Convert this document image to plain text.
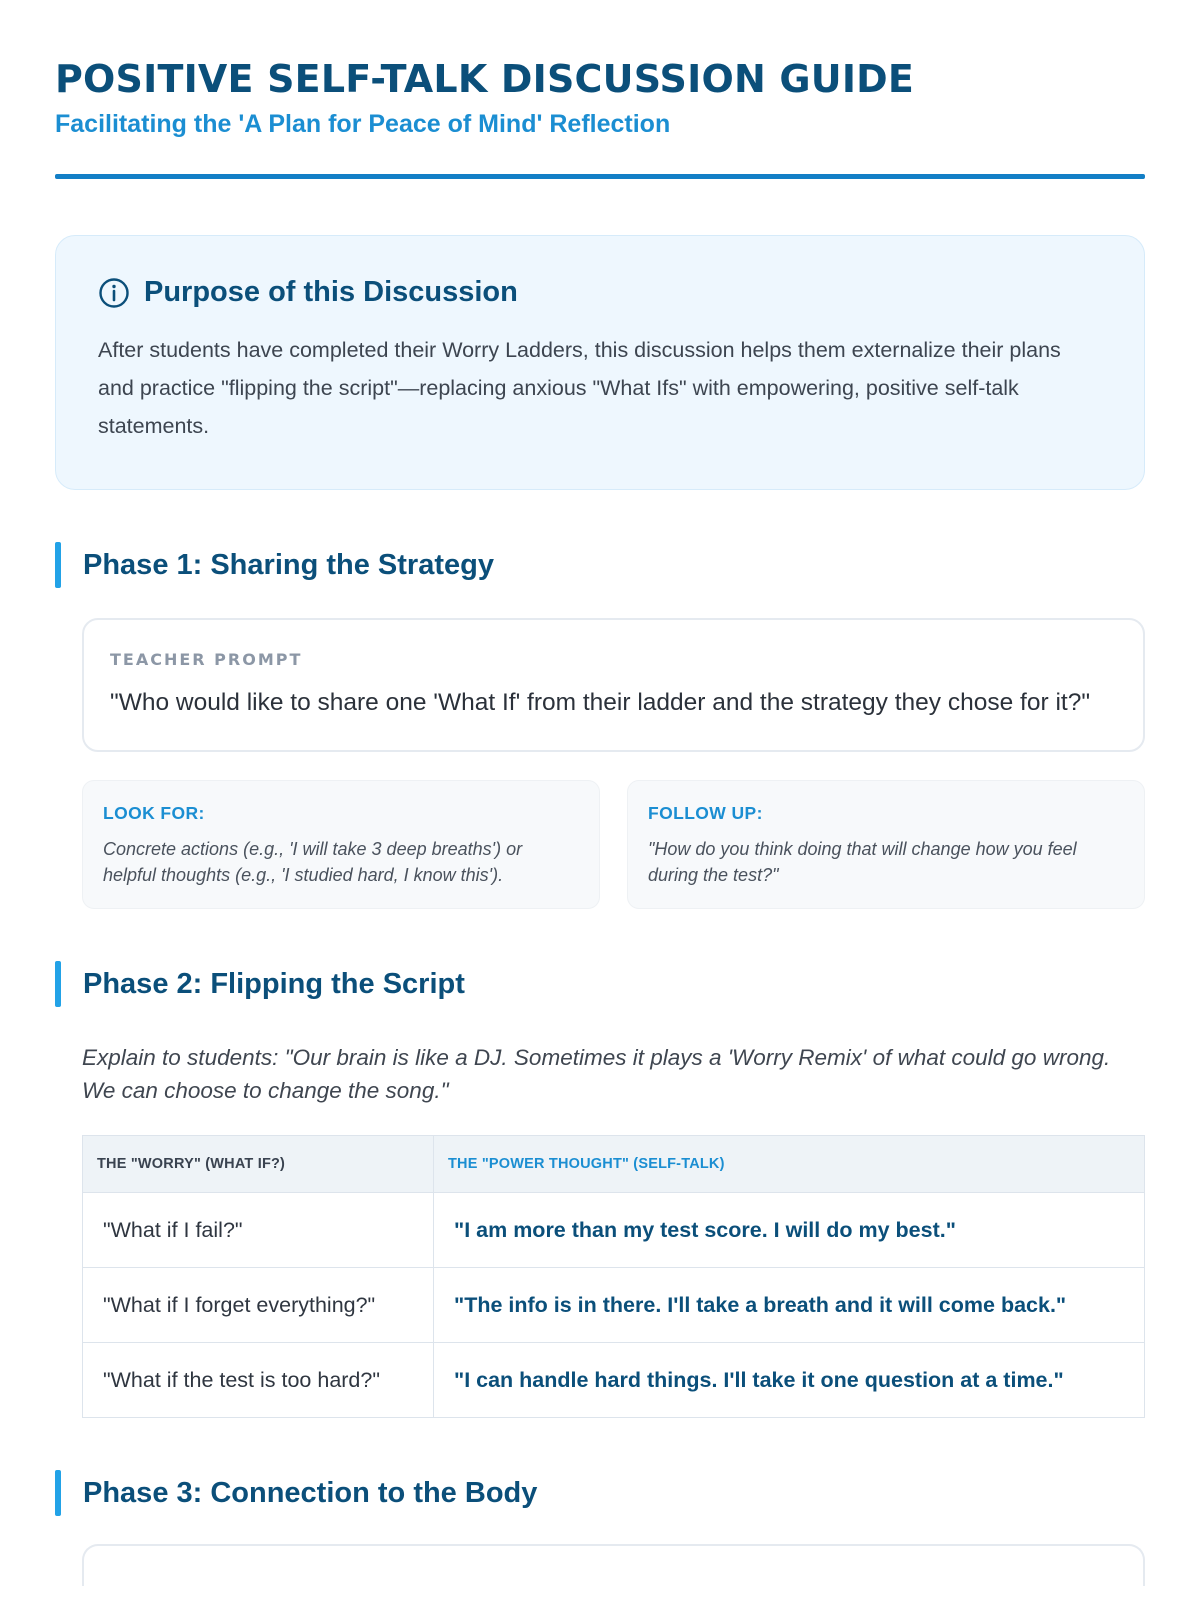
POSITIVE SELF-TALK DISCUSSION GUIDE

Facilitating the 'A Plan for Peace of Mind' Reflection

Purpose of this Discussion

After students have completed their Worry Ladders, this discussion helps them externalize their plans and practice "flipping the script"—replacing anxious "What Ifs" with empowering, positive self-talk statements.

Phase 1: Sharing the Strategy

TEACHER PROMPT

"Who would like to share one 'What If' from their ladder and the strategy they chose for it?"

LOOK FOR:

Concrete actions (e.g., 'I will take 3 deep breaths') or helpful thoughts (e.g., 'I studied hard, I know this').

FOLLOW UP:

"How do you think doing that will change how you feel during the test?"

Phase 2: Flipping the Script

Explain to students: "Our brain is like a DJ. Sometimes it plays a 'Worry Remix' of what could go wrong. We can choose to change the song."

THE "WORRY" (WHAT IF?)	THE "POWER THOUGHT" (SELF-TALK)
"What if I fail?"	"I am more than my test score. I will do my best."
"What if I forget everything?"	"The info is in there. I'll take a breath and it will come back."
"What if the test is too hard?"	"I can handle hard things. I'll take it one question at a time."
Phase 3: Connection to the Body
